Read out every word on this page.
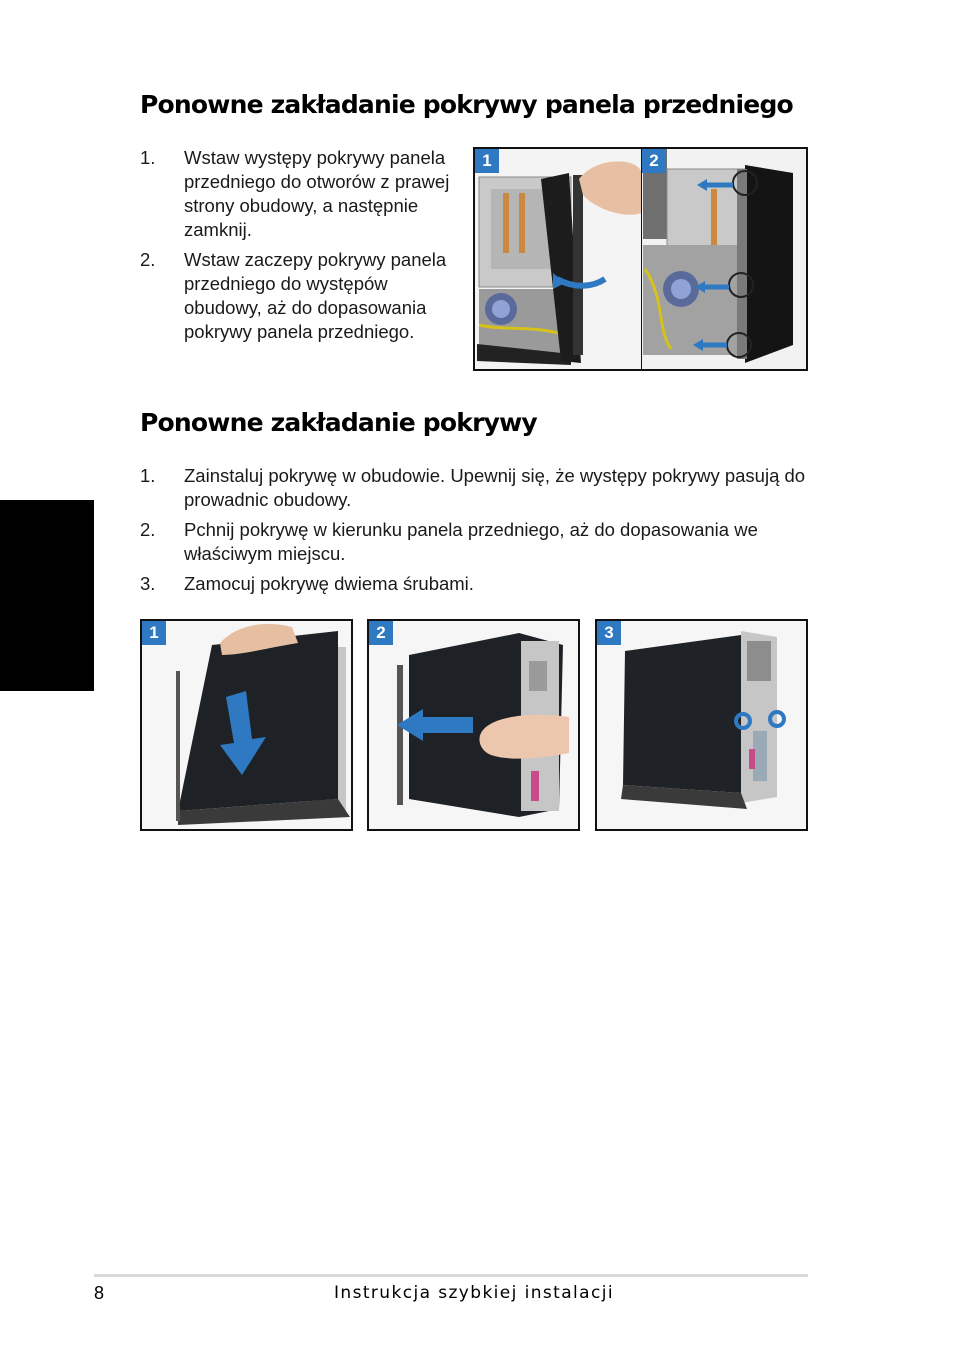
Ponowne zakładanie pokrywy panela przedniego
1. Wstaw występy pokrywy panela przedniego do otworów z prawej strony obudowy, a następnie zamknij.
2. Wstaw zaczepy pokrywy panela przedniego do występów obudowy, aż do dopasowania pokrywy panela przedniego.
1	2
Ponowne zakładanie pokrywy
1. Zainstaluj pokrywę w obudowie. Upewnij się, że występy pokrywy pasują do prowadnic obudowy.
2. Pchnij pokrywę w kierunku panela przedniego, aż do dopasowania we właściwym miejscu.
3. Zamocuj pokrywę dwiema śrubami.
1	2	3
8	Instrukcja szybkiej instalacji
